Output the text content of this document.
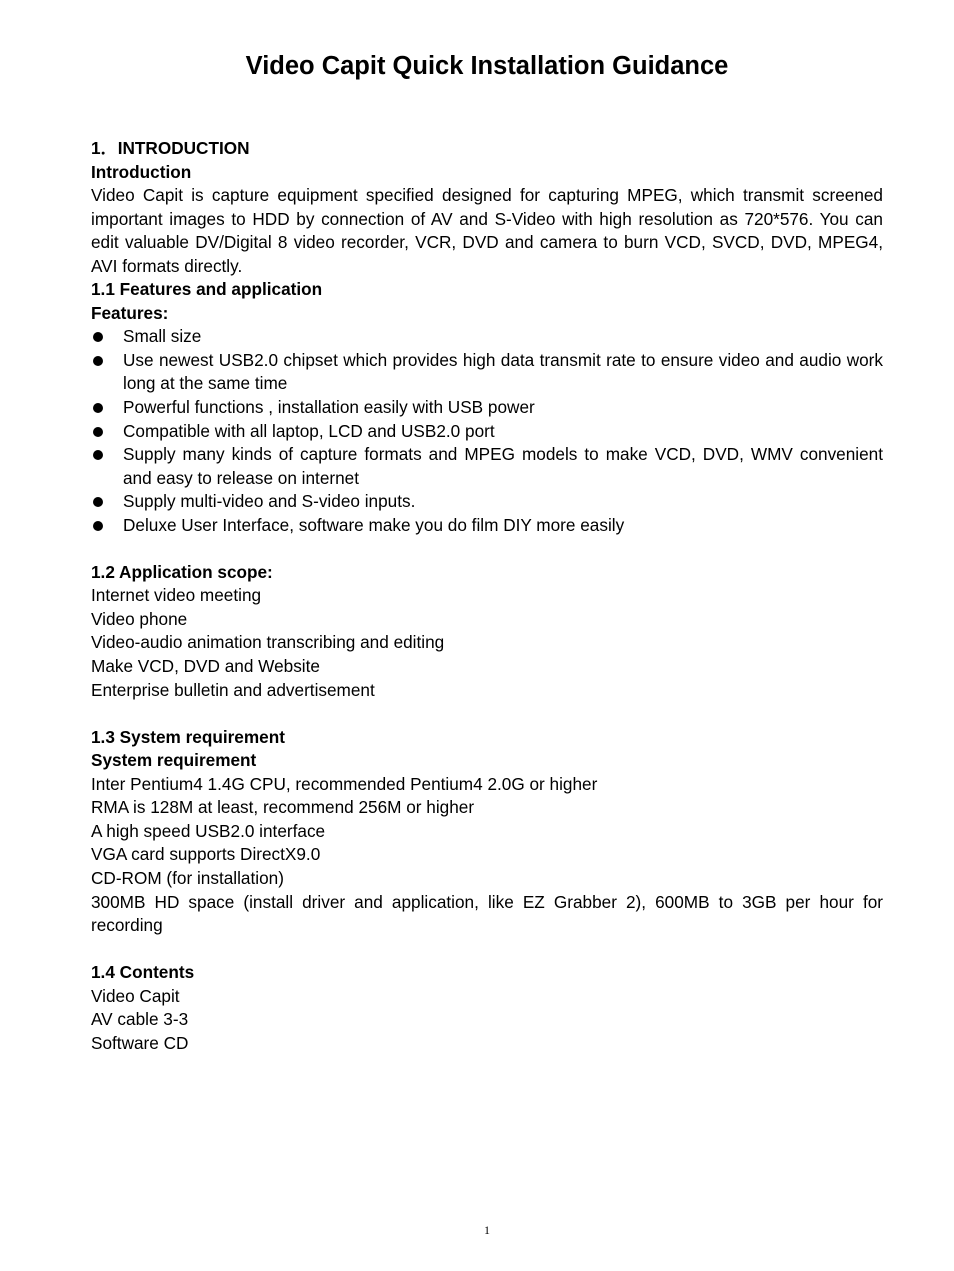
Video Capit Quick Installation Guidance
1．INTRODUCTION
Introduction
Video Capit is capture equipment specified designed for capturing MPEG, which transmit screened important images to HDD by connection of AV and S-Video with high resolution as 720*576. You can edit valuable DV/Digital 8 video recorder, VCR, DVD and camera to burn VCD, SVCD, DVD, MPEG4, AVI formats directly.
1.1 Features and application
Features:
Small size
Use newest USB2.0 chipset which provides high data transmit rate to ensure video and audio work long at the same time
Powerful functions , installation easily with USB power
Compatible with all laptop, LCD and USB2.0 port
Supply many kinds of capture formats and MPEG models to make VCD, DVD, WMV convenient and easy to release on internet
Supply multi-video and S-video inputs.
Deluxe User Interface, software make you do film DIY more easily
1.2 Application scope:
Internet video meeting
Video phone
Video-audio animation transcribing and editing
Make VCD, DVD and Website
Enterprise bulletin and advertisement
1.3 System requirement
System requirement
Inter Pentium4 1.4G CPU, recommended Pentium4 2.0G or higher
RMA is 128M at least, recommend 256M or higher
A high speed USB2.0 interface
VGA card supports DirectX9.0
CD-ROM (for installation)
300MB HD space (install driver and application, like EZ Grabber 2), 600MB to 3GB per hour for recording
1.4 Contents
Video Capit
AV cable 3-3
Software CD
1
